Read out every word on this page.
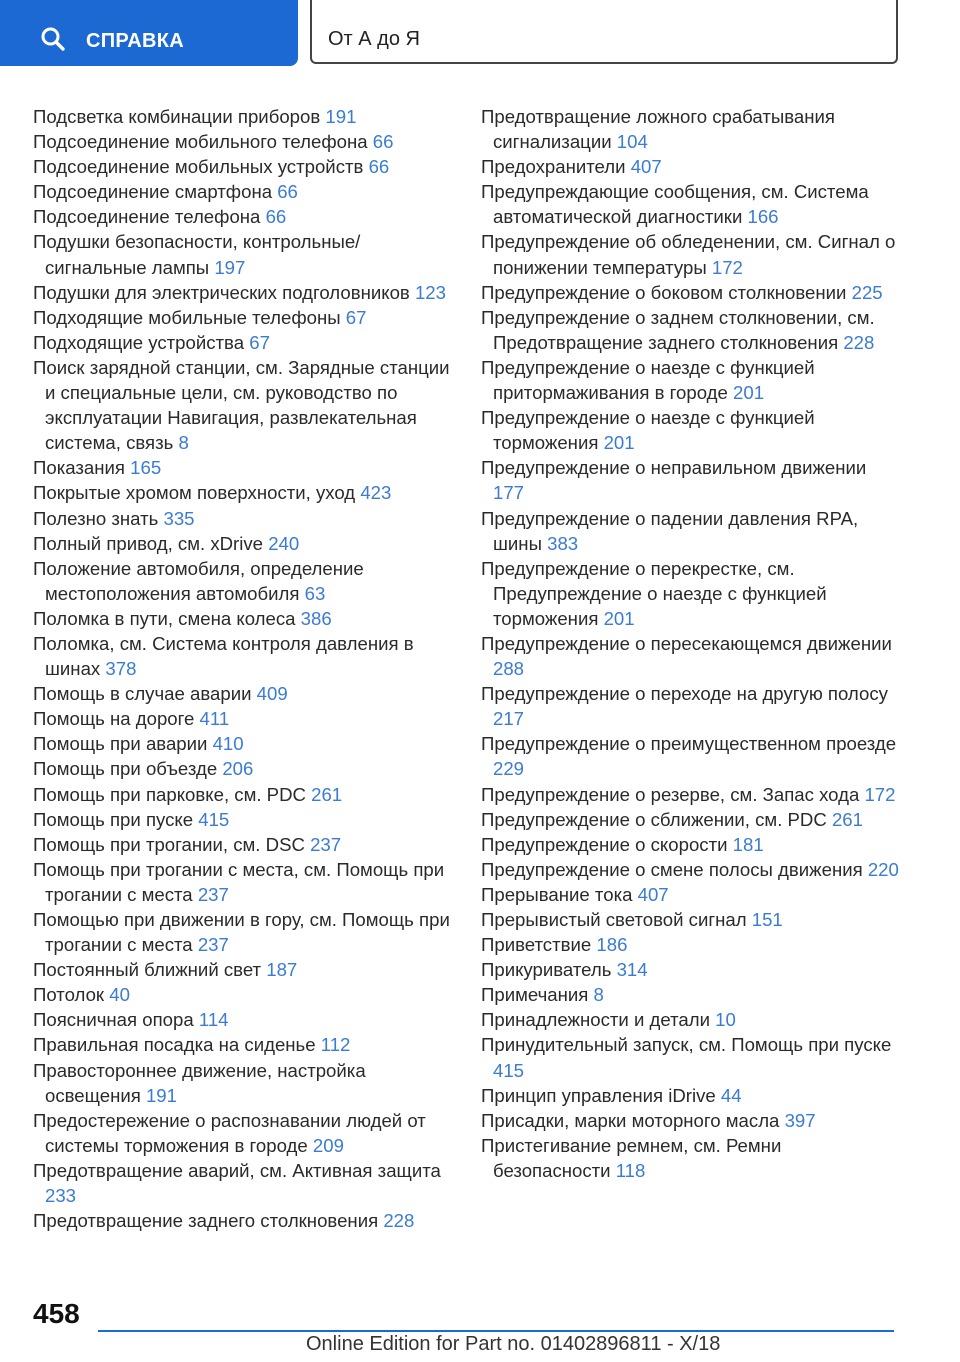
СПРАВКА	От А до Я
Подсветка комбинации приборов 191
Подсоединение мобильного телефона 66
Подсоединение мобильных устройств 66
Подсоединение смартфона 66
Подсоединение телефона 66
Подушки безопасности, контрольные/сигнальные лампы 197
Подушки для электрических подголовников 123
Подходящие мобильные телефоны 67
Подходящие устройства 67
Поиск зарядной станции, см. Зарядные станции и специальные цели, см. руководство по эксплуатации Навигация, развлекательная система, связь 8
Показания 165
Покрытые хромом поверхности, уход 423
Полезно знать 335
Полный привод, см. xDrive 240
Положение автомобиля, определение местоположения автомобиля 63
Поломка в пути, смена колеса 386
Поломка, см. Система контроля давления в шинах 378
Помощь в случае аварии 409
Помощь на дороге 411
Помощь при аварии 410
Помощь при объезде 206
Помощь при парковке, см. PDC 261
Помощь при пуске 415
Помощь при трогании, см. DSC 237
Помощь при трогании с места, см. Помощь при трогании с места 237
Помощью при движении в гору, см. Помощь при трогании с места 237
Постоянный ближний свет 187
Потолок 40
Поясничная опора 114
Правильная посадка на сиденье 112
Правостороннее движение, настройка освещения 191
Предостережение о распознавании людей от системы торможения в городе 209
Предотвращение аварий, см. Активная защита 233
Предотвращение заднего столкновения 228
Предотвращение ложного срабатывания сигнализации 104
Предохранители 407
Предупреждающие сообщения, см. Система автоматической диагностики 166
Предупреждение об обледенении, см. Сигнал о понижении температуры 172
Предупреждение о боковом столкновении 225
Предупреждение о заднем столкновении, см. Предотвращение заднего столкновения 228
Предупреждение о наезде с функцией притормаживания в городе 201
Предупреждение о наезде с функцией торможения 201
Предупреждение о неправильном движении 177
Предупреждение о падении давления RPA, шины 383
Предупреждение о перекрестке, см. Предупреждение о наезде с функцией торможения 201
Предупреждение о пересекающемся движении 288
Предупреждение о переходе на другую полосу 217
Предупреждение о преимущественном проезде 229
Предупреждение о резерве, см. Запас хода 172
Предупреждение о сближении, см. PDC 261
Предупреждение о скорости 181
Предупреждение о смене полосы движения 220
Прерывание тока 407
Прерывистый световой сигнал 151
Приветствие 186
Прикуриватель 314
Примечания 8
Принадлежности и детали 10
Принудительный запуск, см. Помощь при пуске 415
Принцип управления iDrive 44
Присадки, марки моторного масла 397
Пристегивание ремнем, см. Ремни безопасности 118
458
Online Edition for Part no. 01402896811 - X/18
